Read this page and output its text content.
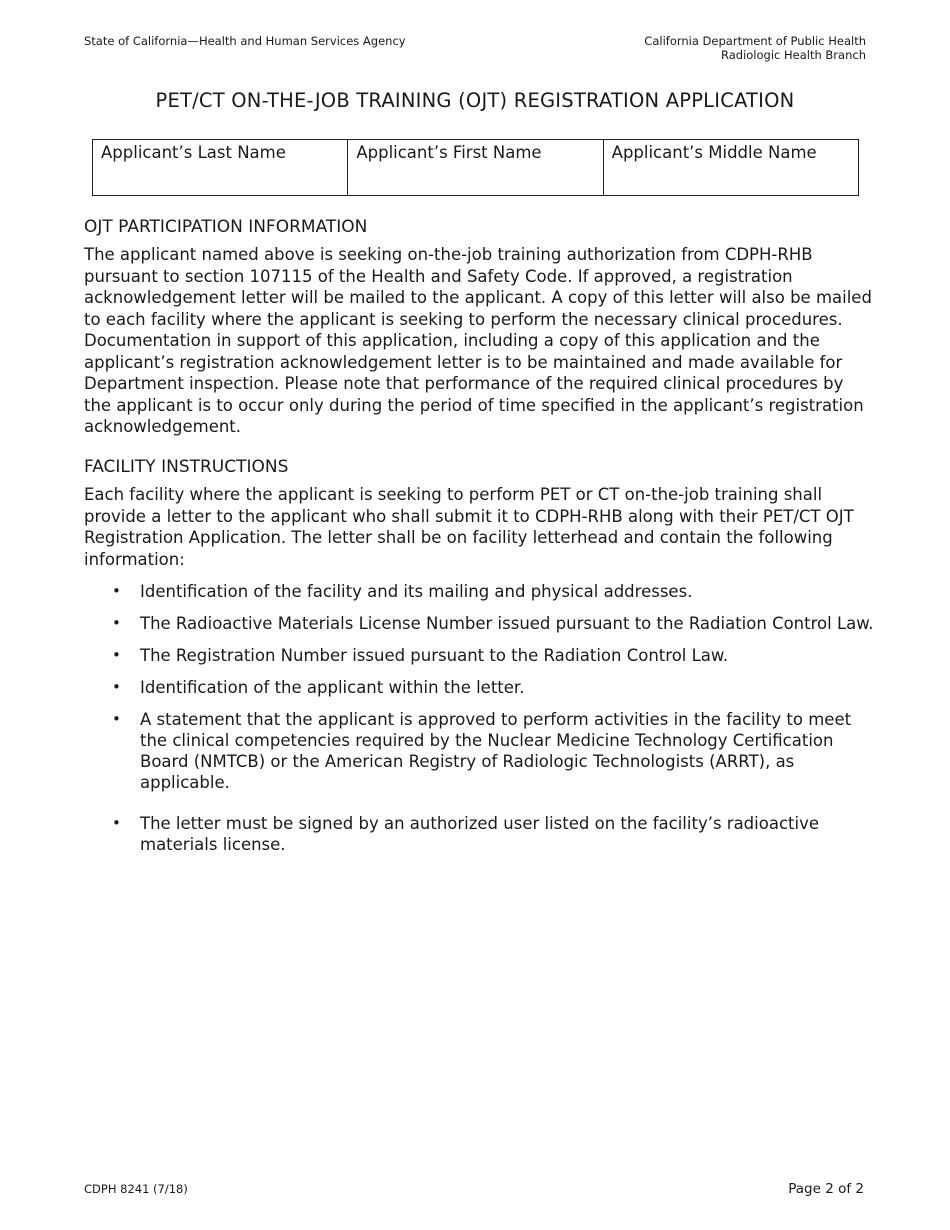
State of California—Health and Human Services Agency	California Department of Public Health
Radiologic Health Branch
PET/CT ON-THE-JOB TRAINING (OJT) REGISTRATION APPLICATION
Applicant’s Last Name	Applicant’s First Name	Applicant’s Middle Name
OJT PARTICIPATION INFORMATION

The applicant named above is seeking on-the-job training authorization from CDPH-RHB pursuant to section 107115 of the Health and Safety Code. If approved, a registration acknowledgement letter will be mailed to the applicant. A copy of this letter will also be mailed to each facility where the applicant is seeking to perform the necessary clinical procedures. Documentation in support of this application, including a copy of this application and the applicant’s registration acknowledgement letter is to be maintained and made available for Department inspection. Please note that performance of the required clinical procedures by the applicant is to occur only during the period of time specified in the applicant’s registration acknowledgement.

FACILITY INSTRUCTIONS

Each facility where the applicant is seeking to perform PET or CT on-the-job training shall provide a letter to the applicant who shall submit it to CDPH-RHB along with their PET/CT OJT Registration Application. The letter shall be on facility letterhead and contain the following information:

• Identification of the facility and its mailing and physical addresses.
• The Radioactive Materials License Number issued pursuant to the Radiation Control Law.
• The Registration Number issued pursuant to the Radiation Control Law.
• Identification of the applicant within the letter.
• A statement that the applicant is approved to perform activities in the facility to meet the clinical competencies required by the Nuclear Medicine Technology Certification Board (NMTCB) or the American Registry of Radiologic Technologists (ARRT), as applicable.
• The letter must be signed by an authorized user listed on the facility’s radioactive materials license.
CDPH 8241 (7/18)	Page 2 of 2
